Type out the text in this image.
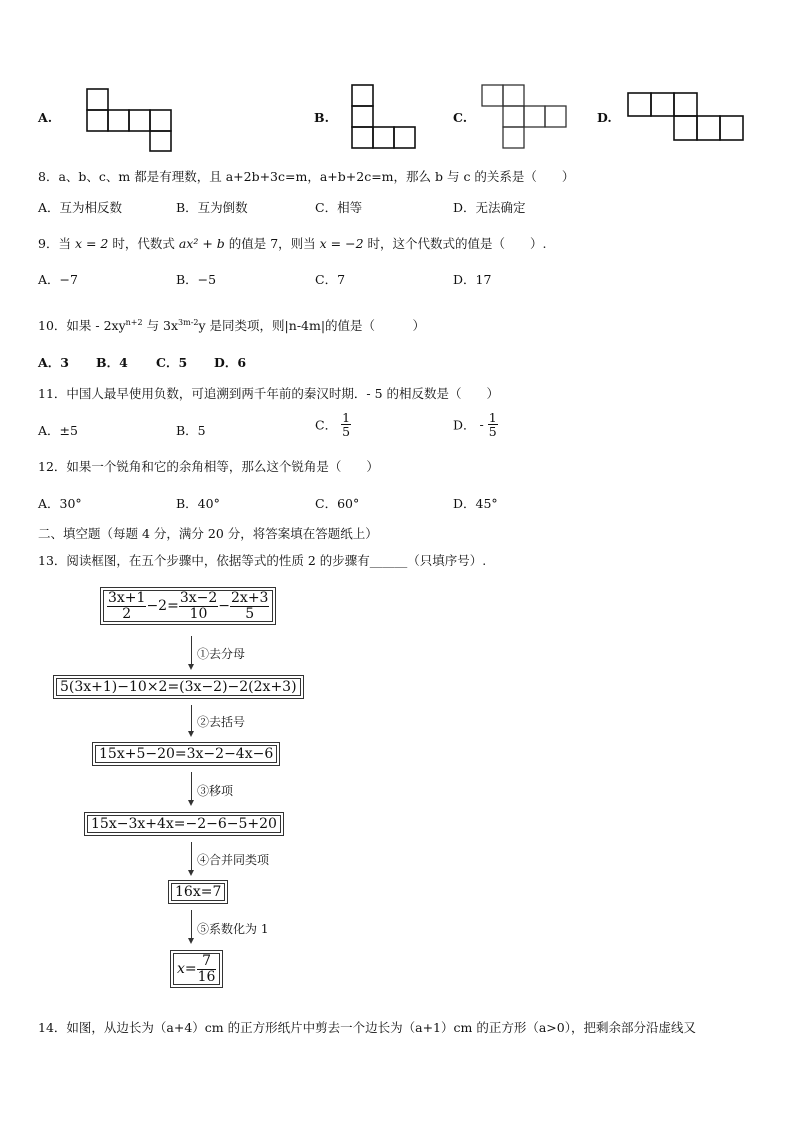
A.	B.	C.	D.
8．a、b、c、m 都是有理数，且 a+2b+3c=m，a+b+2c=m，那么 b 与 c 的关系是（　　）
A．互为相反数	B．互为倒数	C．相等	D．无法确定
9．当 x = 2 时，代数式 ax² + b 的值是 7，则当 x = −2 时，这个代数式的值是（　　）.
A．−7	B．−5	C．7	D．17
10．如果 - $2xy^{n+2}$ 与 $3x^{3m-2}y$ 是同类项，则|n-4m|的值是（　　　）
A．3 B．4 C．5 D．6
11．中国人最早使用负数，可追溯到两千年前的秦汉时期．- 5 的相反数是（　　）
A．±5	B．5	C． $\frac{1}{5}$	D． - $\frac{1}{5}$
12．如果一个锐角和它的余角相等，那么这个锐角是（　　）
A．30°	B．40°	C．60°	D．45°
二、填空题（每题 4 分，满分 20 分，将答案填在答题纸上）
13．阅读框图，在五个步骤中，依据等式的性质 2 的步骤有______（只填序号）.
$\frac{3x+1}{2} -2= \frac{3x-2}{10} - \frac{2x+3}{5}$
①去分母
5(3x+1)−10×2=(3x−2)−2(2x+3)
②去括号
15x+5−20=3x−2−4x−6
③移项
15x−3x+4x=−2−6−5+20
④合并同类项
16x=7
⑤系数化为 1
$x= \frac{7}{16}$
14．如图，从边长为（a+4）cm 的正方形纸片中剪去一个边长为（a+1）cm 的正方形（a>0），把剩余部分沿虚线又
